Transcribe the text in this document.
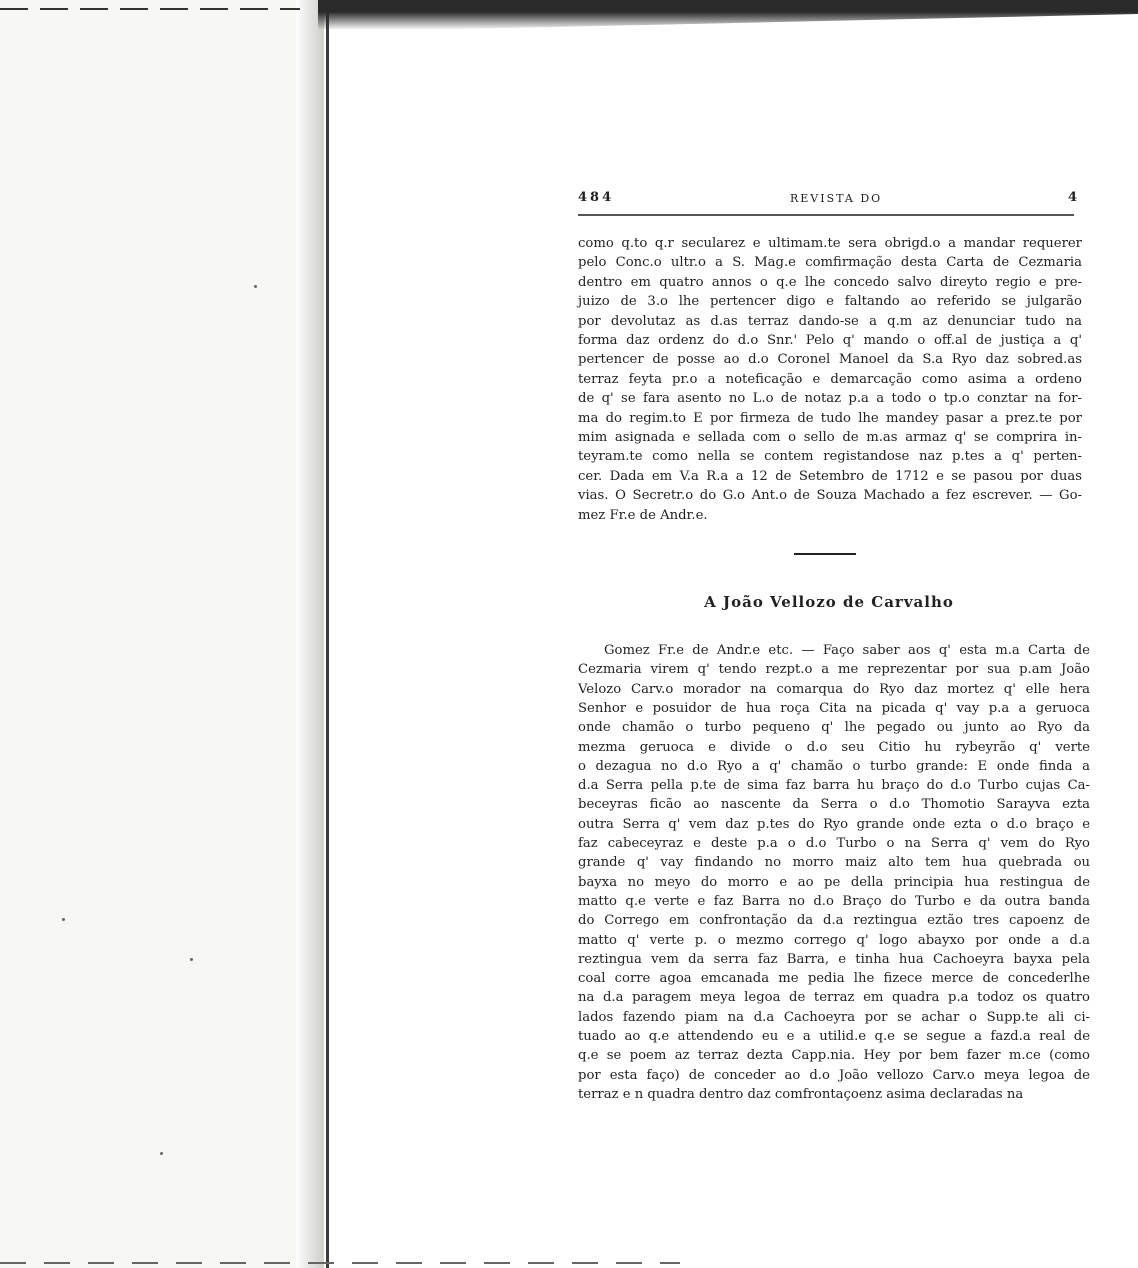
484	REVISTA DO	4
como q.to q.r secularez e ultimam.te sera obrigd.o a mandar requerer
pelo Conc.o ultr.o a S. Mag.e comfirmação desta Carta de Cezmaria
dentro em quatro annos o q.e lhe concedo salvo direyto regio e pre-
juizo de 3.o lhe pertencer digo e faltando ao referido se julgarão
por devolutaz as d.as terraz dando-se a q.m az denunciar tudo na
forma daz ordenz do d.o Snr.' Pelo q' mando o off.al de justiça a q'
pertencer de posse ao d.o Coronel Manoel da S.a Ryo daz sobred.as
terraz feyta pr.o a noteficação e demarcação como asima a ordeno
de q' se fara asento no L.o de notaz p.a a todo o tp.o conztar na for-
ma do regim.to E por firmeza de tudo lhe mandey pasar a prez.te por
mim asignada e sellada com o sello de m.as armaz q' se comprira in-
teyram.te como nella se contem registandose naz p.tes a q' perten-
cer. Dada em V.a R.a a 12 de Setembro de 1712 e se pasou por duas
vias. O Secretr.o do G.o Ant.o de Souza Machado a fez escrever. — Go-
mez Fr.e de Andr.e.
A João Vellozo de Carvalho
Gomez Fr.e de Andr.e etc. — Faço saber aos q' esta m.a Carta de
Cezmaria virem q' tendo rezpt.o a me reprezentar por sua p.am João
Velozo Carv.o morador na comarqua do Ryo daz mortez q' elle hera
Senhor e posuidor de hua roça Cita na picada q' vay p.a a geruoca
onde chamão o turbo pequeno q' lhe pegado ou junto ao Ryo da
mezma geruoca e divide o d.o seu Citio hu rybeyrão q' verte
o dezagua no d.o Ryo a q' chamão o turbo grande: E onde finda a
d.a Serra pella p.te de sima faz barra hu braço do d.o Turbo cujas Ca-
beceyras ficão ao nascente da Serra o d.o Thomotio Sarayva ezta
outra Serra q' vem daz p.tes do Ryo grande onde ezta o d.o braço e
faz cabeceyraz e deste p.a o d.o Turbo o na Serra q' vem do Ryo
grande q' vay findando no morro maiz alto tem hua quebrada ou
bayxa no meyo do morro e ao pe della principia hua restingua de
matto q.e verte e faz Barra no d.o Braço do Turbo e da outra banda
do Corrego em confrontação da d.a reztingua eztão tres capoenz de
matto q' verte p. o mezmo corrego q' logo abayxo por onde a d.a
reztingua vem da serra faz Barra, e tinha hua Cachoeyra bayxa pela
coal corre agoa emcanada me pedia lhe fizece merce de concederlhe
na d.a paragem meya legoa de terraz em quadra p.a todoz os quatro
lados fazendo piam na d.a Cachoeyra por se achar o Supp.te ali ci-
tuado ao q.e attendendo eu e a utilid.e q.e se segue a fazd.a real de
q.e se poem az terraz dezta Capp.nia. Hey por bem fazer m.ce (como
por esta faço) de conceder ao d.o João vellozo Carv.o meya legoa de
terraz e n quadra dentro daz comfrontaçoenz asima declaradas na
